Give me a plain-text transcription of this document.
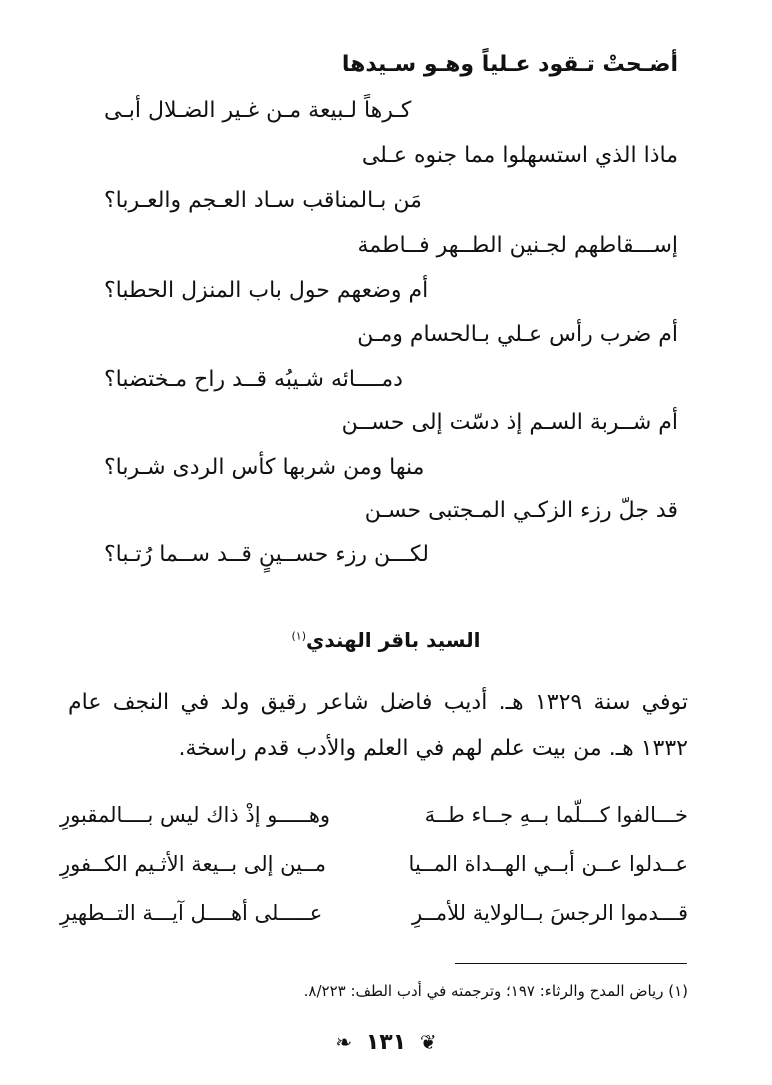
أضـحتْ تـقود عـلياً وهـو سـيدها
كـرهاً لـبيعة مـن غـير الضـلال أبـى
ماذا الذي استسهلوا مما جنوه عـلى
مَن بـالمناقب سـاد العـجم والعـربا؟
إســـقاطهم لجـنين الطــهر فــاطمة
أم وضعهم حول باب المنزل الحطبا؟
أم ضرب رأس عـلي بـالحسام ومـن
دمــــائه شـيبُه قــد راح مـختضبا؟
أم شــربة السـم إذ دسّت إلى حســن
منها ومن شربها كأس الردى شـربا؟
قد جلّ رزء الزكـي المـجتبى حسـن
لكـــن رزء حســينٍ قــد ســما رُتـبا؟
السيد باقر الهندي$^{(١)}$
توفي سنة ١٣٢٩ هـ. أديب فاضل شاعر رقيق ولد في النجف عام ١٣٣٢ هـ. من بيت علم لهم في العلم والأدب قدم راسخة.
خـــالفوا كـــلّما بــهِ جــاء طــهَ
وهـــــو إذْ ذاك ليس بــــالمقبورِ
عــدلوا عــن أبــي الهــداة المــيا
مــين إلى بــيعة الأثـيم الكــفورِ
قـــدموا الرجسَ بــالولاية للأمــرِ
عـــــلى أهــــل آيـــة التــطهيرِ
(١) رياض المدح والرثاء: ١٩٧؛ وترجمته في أدب الطف: ٨/٢٢٣.
❧ ١٣١ ❦
